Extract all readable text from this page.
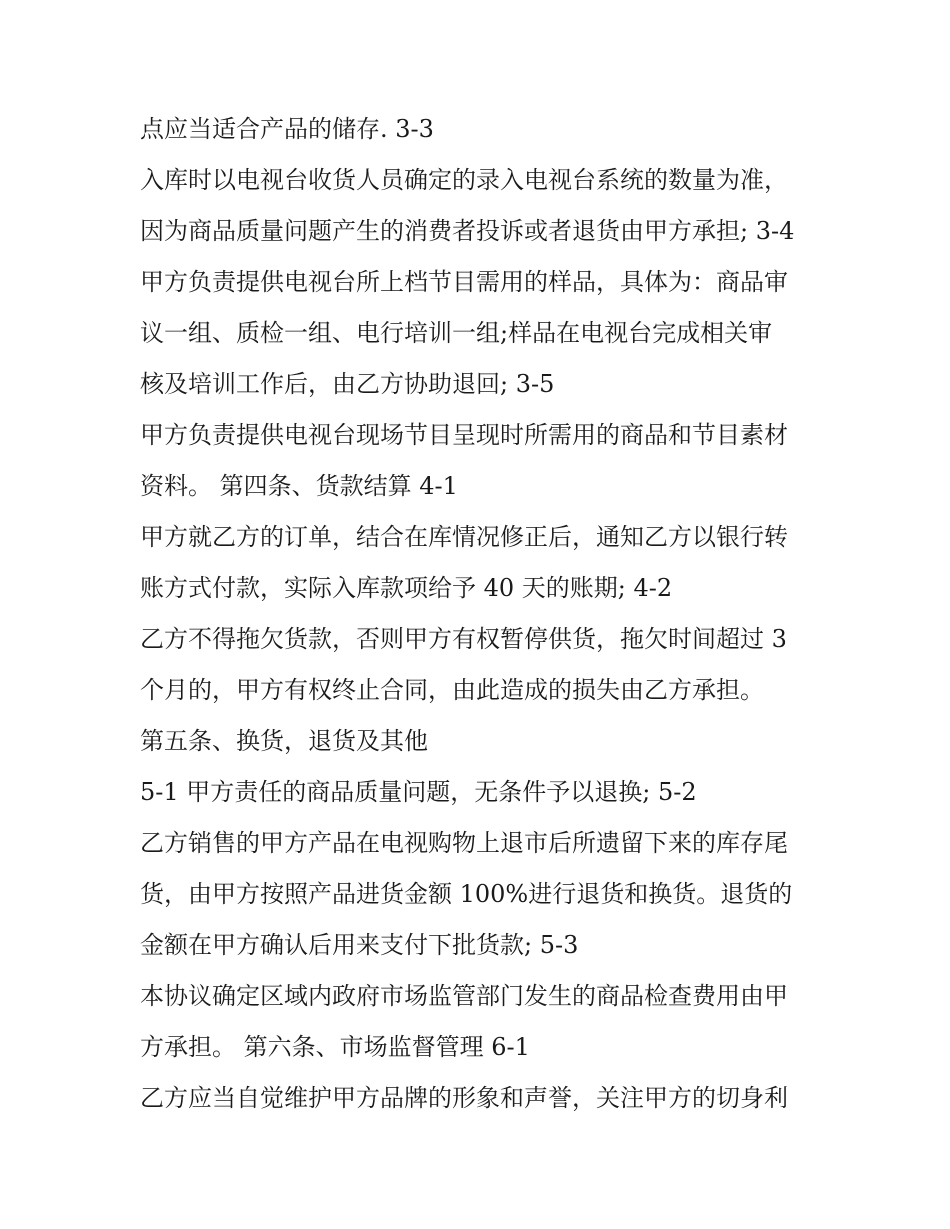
点应当适合产品的储存. 3-3
入库时以电视台收货人员确定的录入电视台系统的数量为准，
因为商品质量问题产生的消费者投诉或者退货由甲方承担; 3-4
甲方负责提供电视台所上档节目需用的样品，具体为：商品审
议一组、质检一组、电行培训一组;样品在电视台完成相关审
核及培训工作后，由乙方协助退回; 3-5
甲方负责提供电视台现场节目呈现时所需用的商品和节目素材
资料。 第四条、货款结算 4-1
甲方就乙方的订单，结合在库情况修正后，通知乙方以银行转
账方式付款，实际入库款项给予 40 天的账期; 4-2
乙方不得拖欠货款，否则甲方有权暂停供货，拖欠时间超过 3
个月的，甲方有权终止合同，由此造成的损失由乙方承担。
第五条、换货，退货及其他
5-1 甲方责任的商品质量问题，无条件予以退换; 5-2
乙方销售的甲方产品在电视购物上退市后所遗留下来的库存尾
货，由甲方按照产品进货金额 100%进行退货和换货。退货的
金额在甲方确认后用来支付下批货款; 5-3
本协议确定区域内政府市场监管部门发生的商品检查费用由甲
方承担。 第六条、市场监督管理 6-1
乙方应当自觉维护甲方品牌的形象和声誉，关注甲方的切身利
